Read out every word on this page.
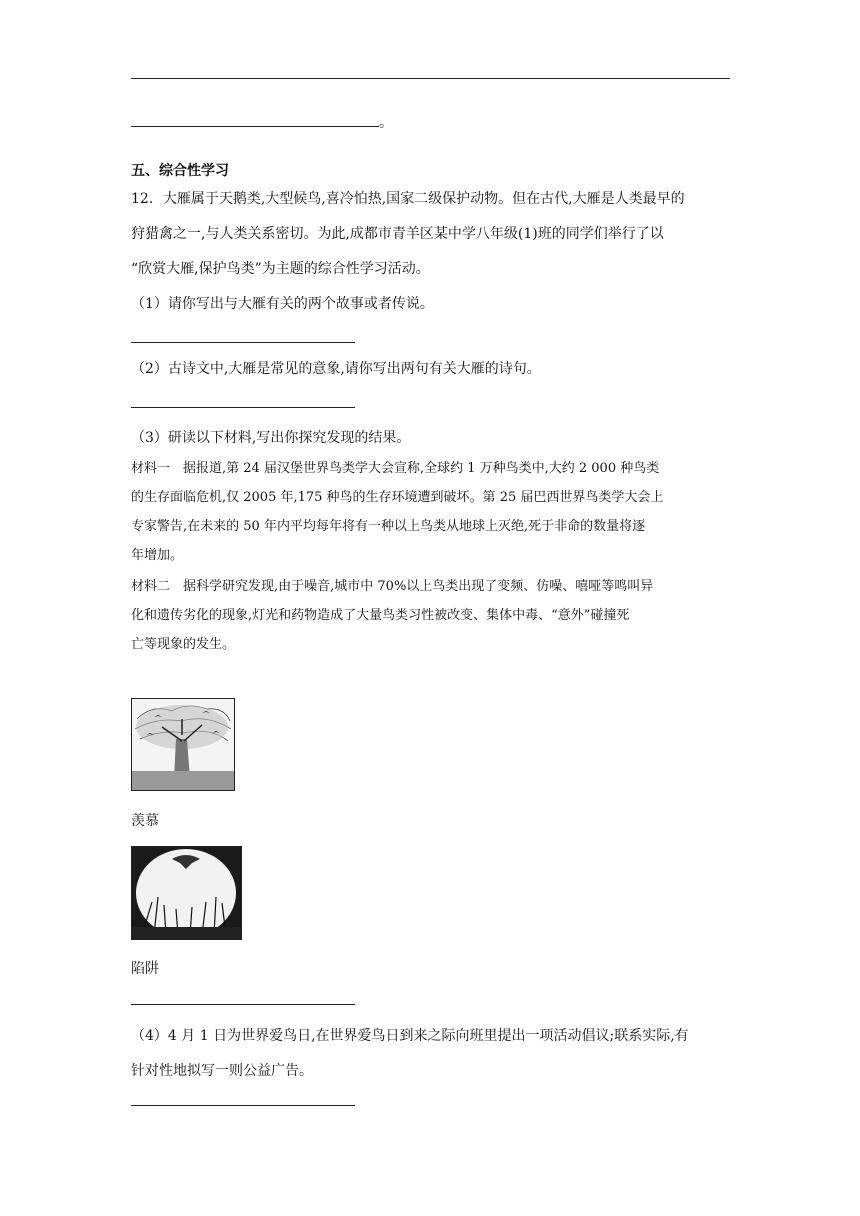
。
五、综合性学习

12．大雁属于天鹅类,大型候鸟,喜冷怕热,国家二级保护动物。但在古代,大雁是人类最早的

狩猎禽之一,与人类关系密切。为此,成都市青羊区某中学八年级(1)班的同学们举行了以

“欣赏大雁,保护鸟类”为主题的综合性学习活动。

（1）请你写出与大雁有关的两个故事或者传说。
（2）古诗文中,大雁是常见的意象,请你写出两句有关大雁的诗句。
（3）研读以下材料,写出你探究发现的结果。

材料一　据报道,第 24 届汉堡世界鸟类学大会宣称,全球约 1 万种鸟类中,大约 2 000 种鸟类

的生存面临危机,仅 2005 年,175 种鸟的生存环境遭到破坏。第 25 届巴西世界鸟类学大会上

专家警告,在未来的 50 年内平均每年将有一种以上鸟类从地球上灭绝,死于非命的数量将逐

年增加。

材料二　据科学研究发现,由于噪音,城市中 70%以上鸟类出现了变频、仿噪、嘻哑等鸣叫异

化和遗传劣化的现象,灯光和药物造成了大量鸟类习性被改变、集体中毒、“意外”碰撞死

亡等现象的发生。

羡慕
陷阱

（4）4 月 1 日为世界爱鸟日,在世界爱鸟日到来之际向班里提出一项活动倡议;联系实际,有

针对性地拟写一则公益广告。
